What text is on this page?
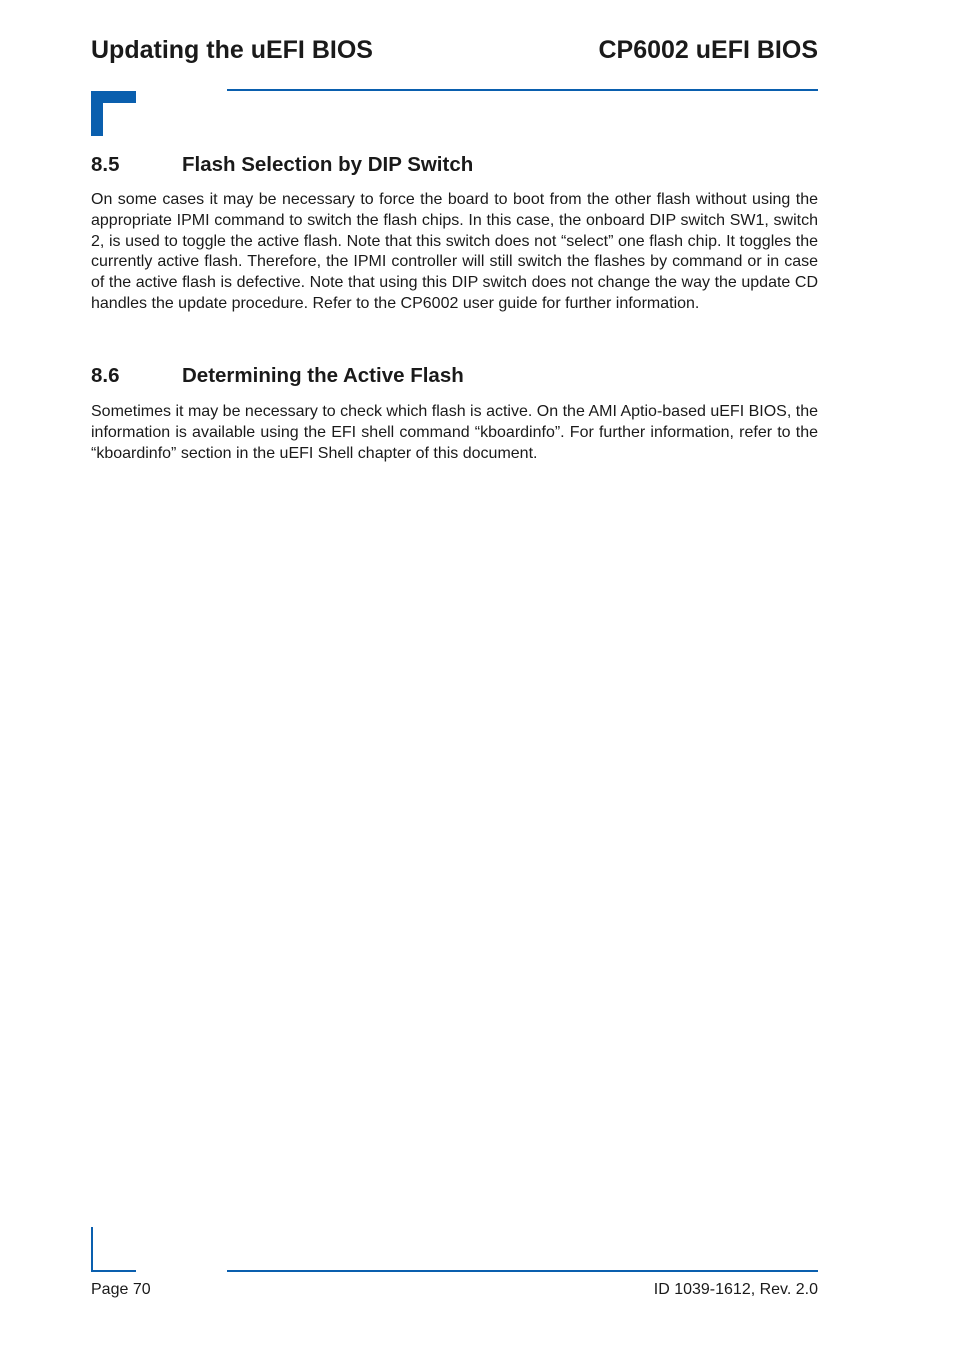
Updating the uEFI BIOS	CP6002 uEFI BIOS
8.5	Flash Selection by DIP Switch
On some cases it may be necessary to force the board to boot from the other flash without using the appropriate IPMI command to switch the flash chips. In this case, the onboard DIP switch SW1, switch 2, is used to toggle the active flash. Note that this switch does not “select” one flash chip. It toggles the currently active flash. Therefore, the IPMI controller will still switch the flashes by command or in case of the active flash is defective. Note that using this DIP switch does not change the way the update CD handles the update procedure. Refer to the CP6002 user guide for further information.
8.6	Determining the Active Flash
Sometimes it may be necessary to check which flash is active. On the AMI Aptio-based uEFI BIOS, the information is available using the EFI shell command “kboardinfo”. For further information, refer to the “kboardinfo” section in the uEFI Shell chapter of this document.
Page 70	ID 1039-1612, Rev. 2.0
